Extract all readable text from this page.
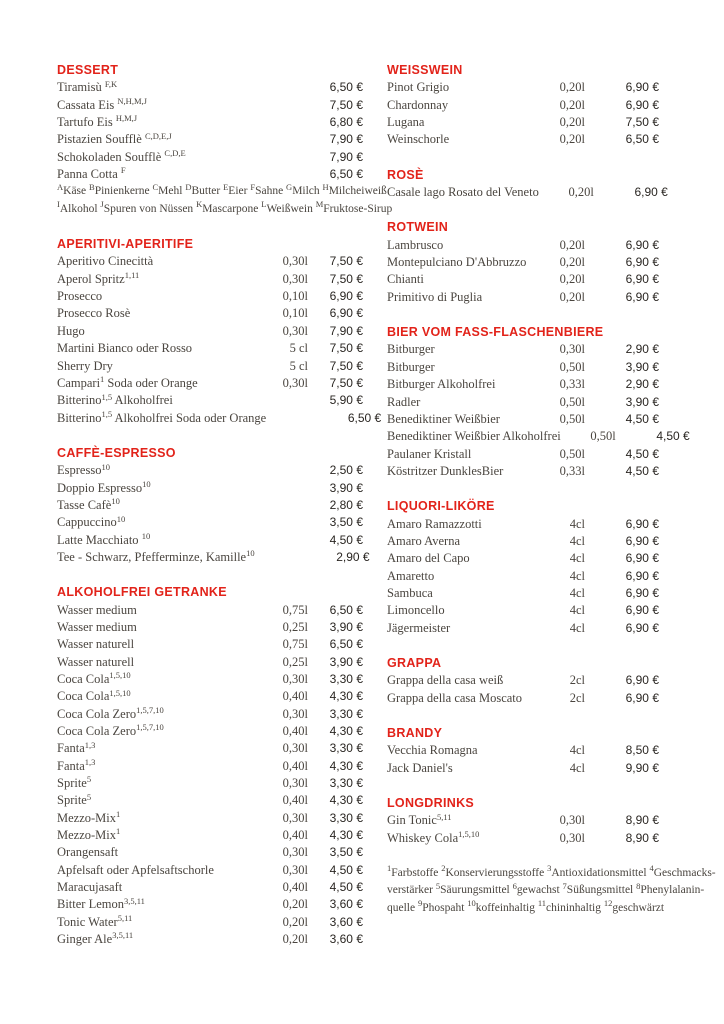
DESSERT
Tiramisù $^{F,K}$	6,50 €
Cassata Eis $^{N,H,M,J}$	7,50 €
Tartufo Eis $^{H,M,J}$	6,80 €
Pistazien Soufflè $^{C,D,E,J}$	7,90 €
Schokoladen Soufflè $^{C,D,E}$	7,90 €
Panna Cotta $^F$	6,50 €
$^A$Käse $^B$Pinienkerne $^C$Mehl $^D$Butter $^E$Eier $^F$Sahne $^G$Milch $^H$Milcheiweiß
$^I$Alkohol $^J$Spuren von Nüssen $^K$Mascarpone $^L$Weißwein $^M$Fruktose-Sirup
APERITIVI-APERITIFE
Aperitivo Cinecittà	0,30l	7,50 €
Aperol Spritz$^{1,11}$	0,30l	7,50 €
Prosecco	0,10l	6,90 €
Prosecco Rosè	0,10l	6,90 €
Hugo	0,30l	7,90 €
Martini Bianco oder Rosso	5 cl	7,50 €
Sherry Dry	5 cl	7,50 €
Campari$^1$ Soda oder Orange	0,30l	7,50 €
Bitterino$^{1,5}$ Alkoholfrei	5,90 €
Bitterino$^{1,5}$ Alkoholfrei Soda oder Orange	6,50 €
CAFFÈ-ESPRESSO
Espresso$^{10}$	2,50 €
Doppio Espresso$^{10}$	3,90 €
Tasse Cafè$^{10}$	2,80 €
Cappuccino$^{10}$	3,50 €
Latte Macchiato $^{10}$	4,50 €
Tee - Schwarz, Pfefferminze, Kamille$^{10}$	2,90 €
ALKOHOLFREI GETRANKE
Wasser medium	0,75l	6,50 €
Wasser medium	0,25l	3,90 €
Wasser naturell	0,75l	6,50 €
Wasser naturell	0,25l	3,90 €
Coca Cola$^{1,5,10}$	0,30l	3,30 €
Coca Cola$^{1,5,10}$	0,40l	4,30 €
Coca Cola Zero$^{1,5,7,10}$	0,30l	3,30 €
Coca Cola Zero$^{1,5,7,10}$	0,40l	4,30 €
Fanta$^{1,3}$	0,30l	3,30 €
Fanta$^{1,3}$	0,40l	4,30 €
Sprite$^5$	0,30l	3,30 €
Sprite$^5$	0,40l	4,30 €
Mezzo-Mix$^1$	0,30l	3,30 €
Mezzo-Mix$^1$	0,40l	4,30 €
Orangensaft	0,30l	3,50 €
Apfelsaft oder Apfelsaftschorle	0,30l	4,50 €
Maracujasaft	0,40l	4,50 €
Bitter Lemon$^{3,5,11}$	0,20l	3,60 €
Tonic Water$^{5,11}$	0,20l	3,60 €
Ginger Ale$^{3,5,11}$	0,20l	3,60 €
WEISSWEIN
Pinot Grigio	0,20l	6,90 €
Chardonnay	0,20l	6,90 €
Lugana	0,20l	7,50 €
Weinschorle	0,20l	6,50 €
ROSÈ
Casale lago Rosato del Veneto	0,20l	6,90 €
ROTWEIN
Lambrusco	0,20l	6,90 €
Montepulciano D'Abbruzzo	0,20l	6,90 €
Chianti	0,20l	6,90 €
Primitivo di Puglia	0,20l	6,90 €
BIER VOM FASS-FLASCHENBIERE
Bitburger	0,30l	2,90 €
Bitburger	0,50l	3,90 €
Bitburger Alkoholfrei	0,33l	2,90 €
Radler	0,50l	3,90 €
Benediktiner Weißbier	0,50l	4,50 €
Benediktiner Weißbier Alkoholfrei	0,50l	4,50 €
Paulaner Kristall	0,50l	4,50 €
Köstritzer DunklesBier	0,33l	4,50 €
LIQUORI-LIKÖRE
Amaro Ramazzotti	4cl	6,90 €
Amaro Averna	4cl	6,90 €
Amaro del Capo	4cl	6,90 €
Amaretto	4cl	6,90 €
Sambuca	4cl	6,90 €
Limoncello	4cl	6,90 €
Jägermeister	4cl	6,90 €
GRAPPA
Grappa della casa weiß	2cl	6,90 €
Grappa della casa Moscato	2cl	6,90 €
BRANDY
Vecchia Romagna	4cl	8,50 €
Jack Daniel's	4cl	9,90 €
LONGDRINKS
Gin Tonic$^{5,11}$	0,30l	8,90 €
Whiskey Cola$^{1,5,10}$	0,30l	8,90 €
$^1$Farbstoffe $^2$Konservierungsstoffe $^3$Antioxidationsmittel $^4$Geschmacks-
verstärker $^5$Säurungsmittel $^6$gewachst $^7$Süßungsmittel $^8$Phenylalanin-
quelle $^9$Phospaht $^{10}$koffeinhaltig $^{11}$chininhaltig $^{12}$geschwärzt
